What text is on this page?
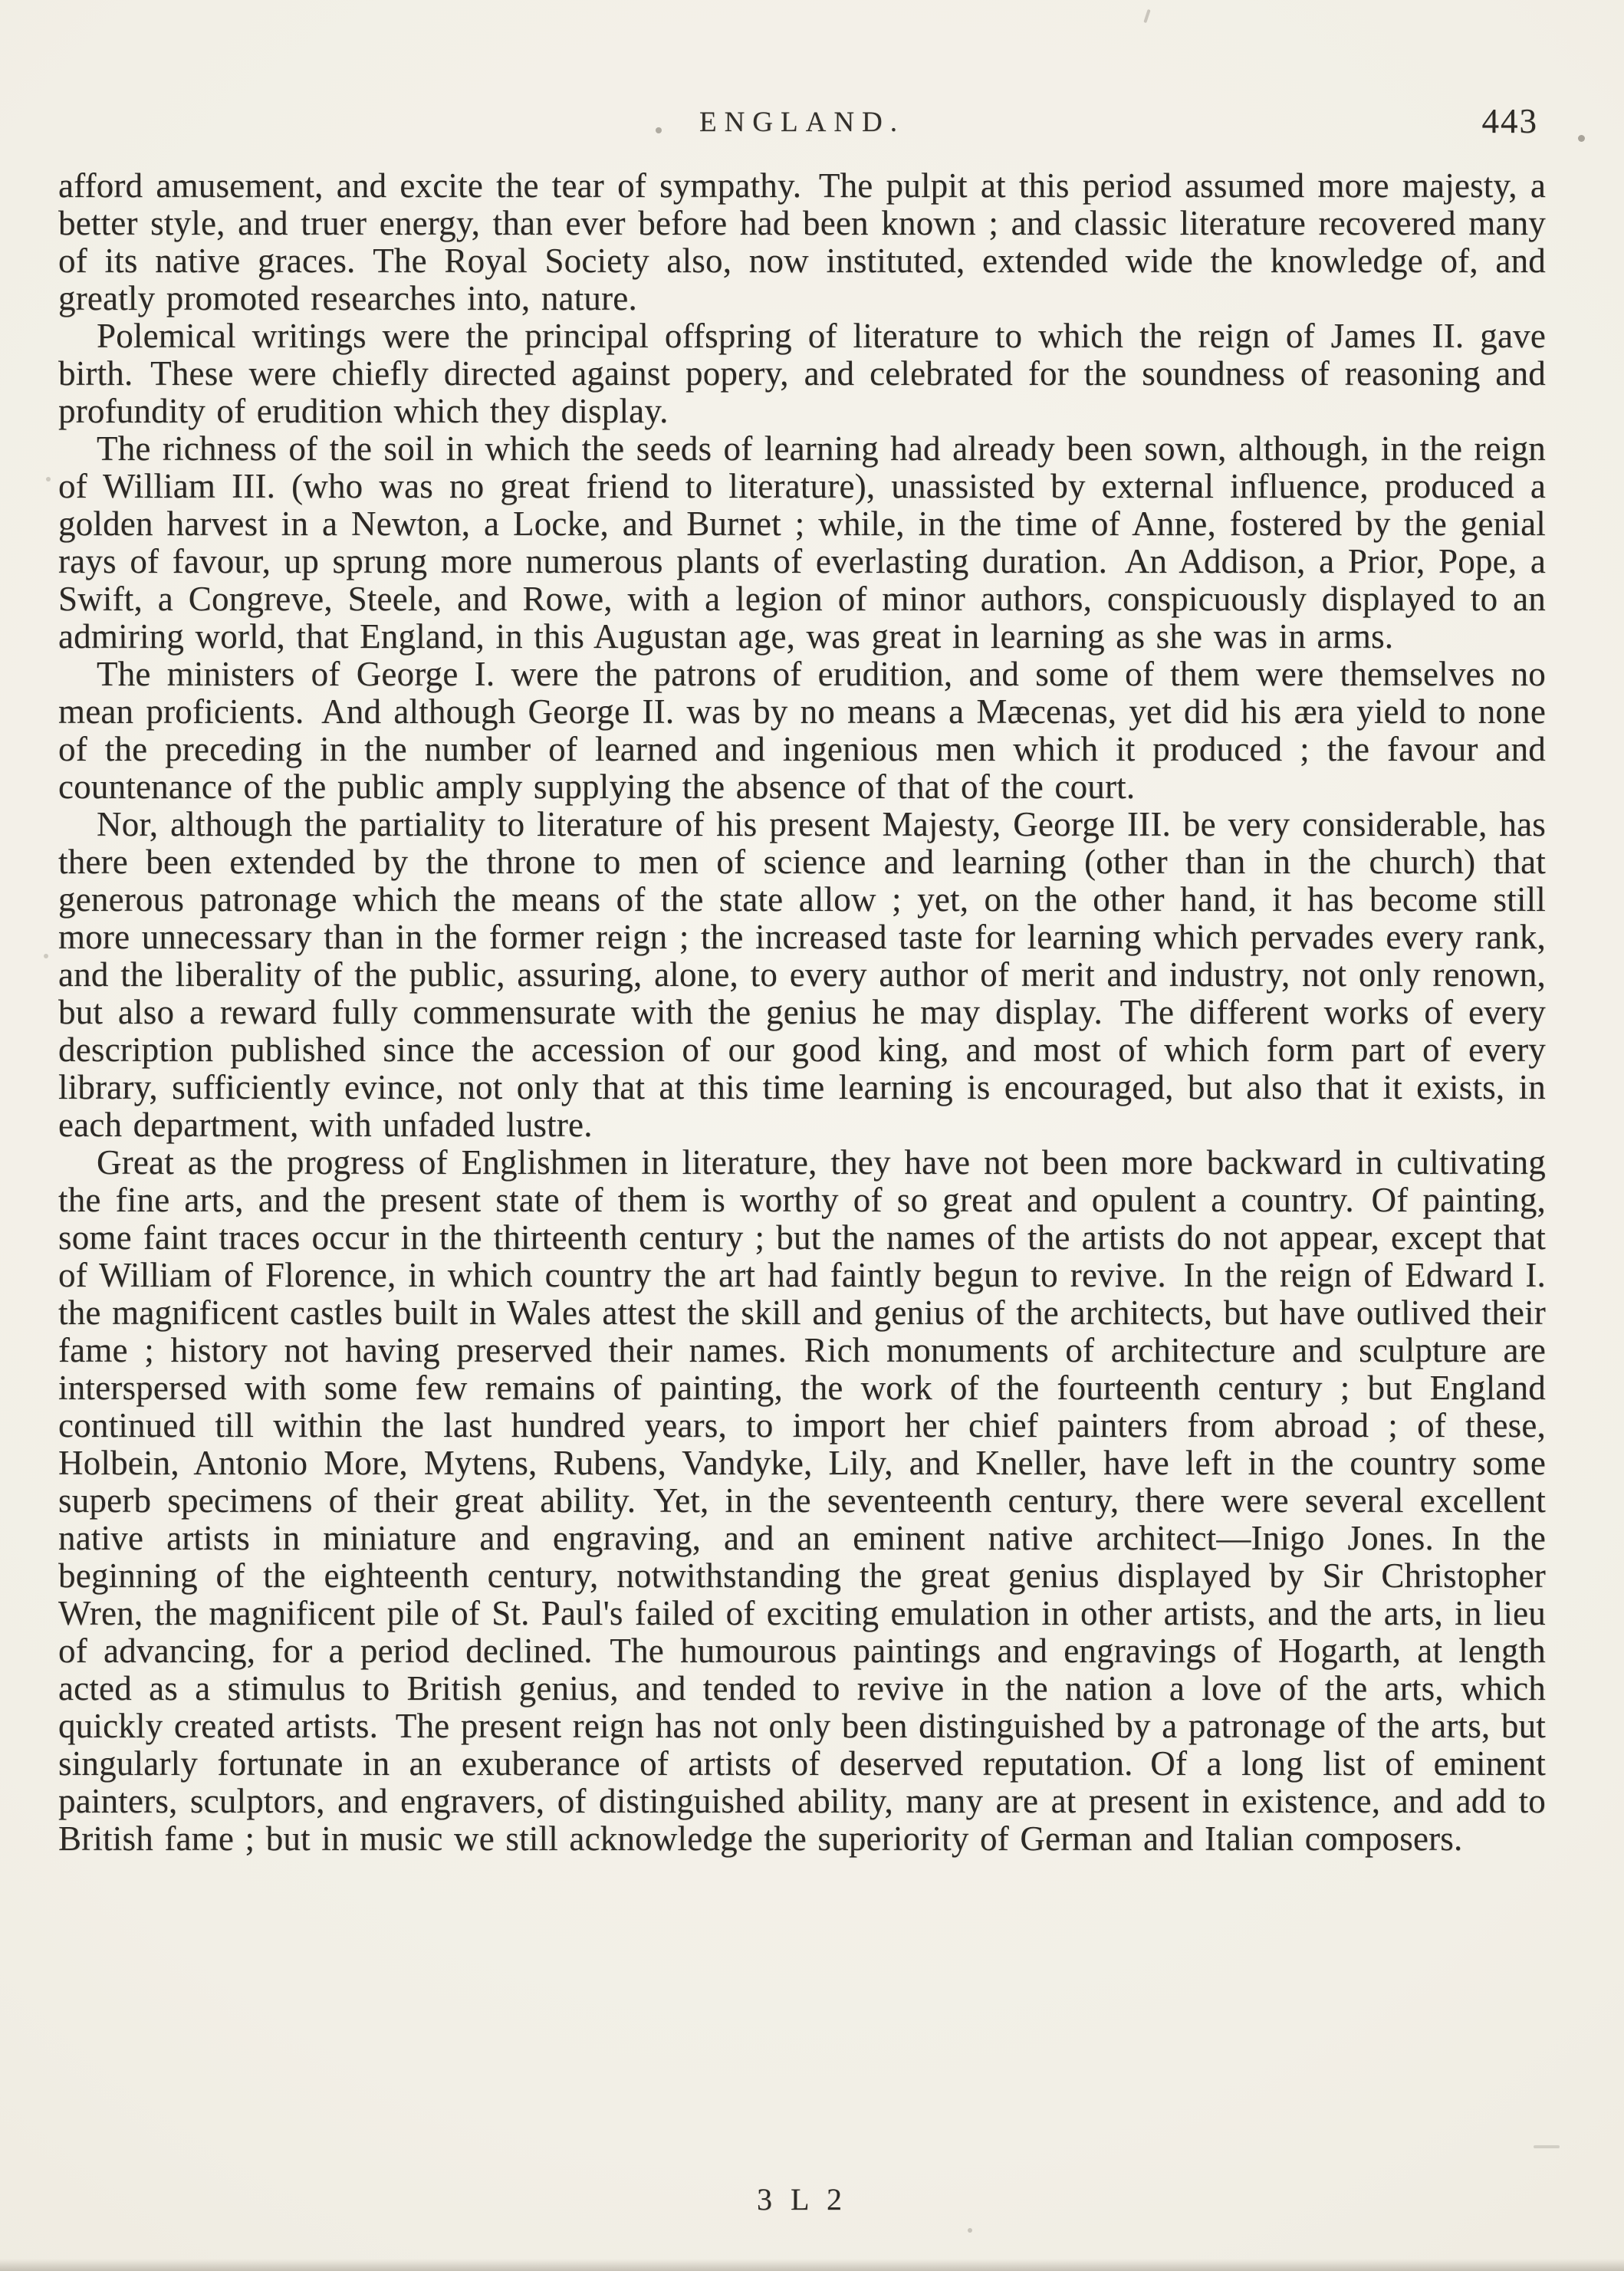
ENGLAND.	443

afford amusement, and excite the tear of sympathy. The pulpit at this period assumed more majesty, a better style, and truer energy, than ever before had been known ; and classic literature recovered many of its native graces. The Royal Society also, now instituted, extended wide the knowledge of, and greatly promoted researches into, nature.

Polemical writings were the principal offspring of literature to which the reign of James II. gave birth. These were chiefly directed against popery, and celebrated for the soundness of reasoning and profundity of erudition which they display.

The richness of the soil in which the seeds of learning had already been sown, although, in the reign of William III. (who was no great friend to literature), unassisted by external influence, produced a golden harvest in a Newton, a Locke, and Burnet ; while, in the time of Anne, fostered by the genial rays of favour, up sprung more numerous plants of everlasting duration. An Addison, a Prior, Pope, a Swift, a Congreve, Steele, and Rowe, with a legion of minor authors, conspicuously displayed to an admiring world, that England, in this Augustan age, was great in learning as she was in arms.

The ministers of George I. were the patrons of erudition, and some of them were themselves no mean proficients. And although George II. was by no means a Mæcenas, yet did his æra yield to none of the preceding in the number of learned and ingenious men which it produced ; the favour and countenance of the public amply supplying the absence of that of the court.

Nor, although the partiality to literature of his present Majesty, George III. be very considerable, has there been extended by the throne to men of science and learning (other than in the church) that generous patronage which the means of the state allow ; yet, on the other hand, it has become still more unnecessary than in the former reign ; the increased taste for learning which pervades every rank, and the liberality of the public, assuring, alone, to every author of merit and industry, not only renown, but also a reward fully commensurate with the genius he may display. The different works of every description published since the accession of our good king, and most of which form part of every library, sufficiently evince, not only that at this time learning is encouraged, but also that it exists, in each department, with unfaded lustre.

Great as the progress of Englishmen in literature, they have not been more backward in cultivating the fine arts, and the present state of them is worthy of so great and opulent a country. Of painting, some faint traces occur in the thirteenth century ; but the names of the artists do not appear, except that of William of Florence, in which country the art had faintly begun to revive. In the reign of Edward I. the magnificent castles built in Wales attest the skill and genius of the architects, but have outlived their fame ; history not having preserved their names. Rich monuments of architecture and sculpture are interspersed with some few remains of painting, the work of the fourteenth century ; but England continued till within the last hundred years, to import her chief painters from abroad ; of these, Holbein, Antonio More, Mytens, Rubens, Vandyke, Lily, and Kneller, have left in the country some superb specimens of their great ability. Yet, in the seventeenth century, there were several excellent native artists in miniature and engraving, and an eminent native architect—Inigo Jones. In the beginning of the eighteenth century, notwithstanding the great genius displayed by Sir Christopher Wren, the magnificent pile of St. Paul's failed of exciting emulation in other artists, and the arts, in lieu of advancing, for a period declined. The humourous paintings and engravings of Hogarth, at length acted as a stimulus to British genius, and tended to revive in the nation a love of the arts, which quickly created artists. The present reign has not only been distinguished by a patronage of the arts, but singularly fortunate in an exuberance of artists of deserved reputation. Of a long list of eminent painters, sculptors, and engravers, of distinguished ability, many are at present in existence, and add to British fame ; but in music we still acknowledge the superiority of German and Italian composers.

3 L 2
